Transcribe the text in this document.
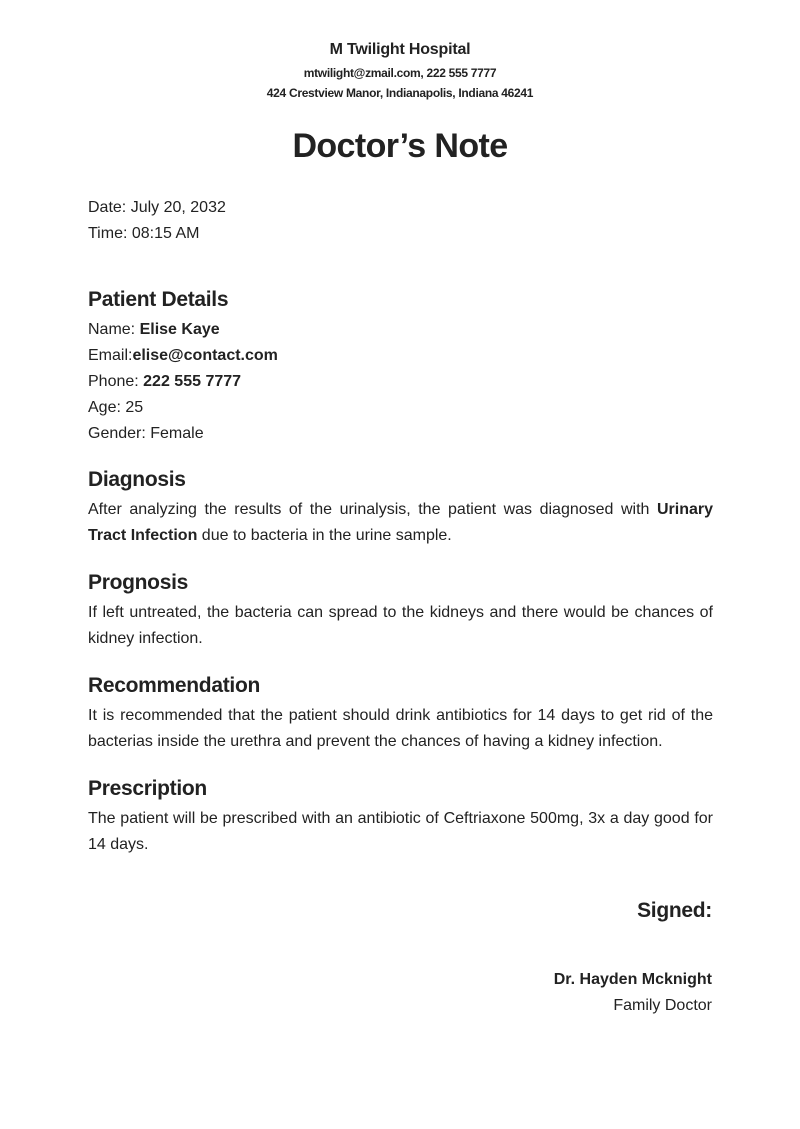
M Twilight Hospital
mtwilight@zmail.com, 222 555 7777
424 Crestview Manor, Indianapolis, Indiana 46241
Doctor’s Note
Date: July 20, 2032
Time: 08:15 AM
Patient Details
Name: Elise Kaye
Email:elise@contact.com
Phone: 222 555 7777
Age: 25
Gender: Female
Diagnosis
After analyzing the results of the urinalysis, the patient was diagnosed with Urinary Tract Infection due to bacteria in the urine sample.
Prognosis
If left untreated, the bacteria can spread to the kidneys and there would be chances of kidney infection.
Recommendation
It is recommended that the patient should drink antibiotics for 14 days to get rid of the bacterias inside the urethra and prevent the chances of having a kidney infection.
Prescription
The patient will be prescribed with an antibiotic of Ceftriaxone 500mg, 3x a day good for 14 days.
Signed:
Dr. Hayden Mcknight
Family Doctor
